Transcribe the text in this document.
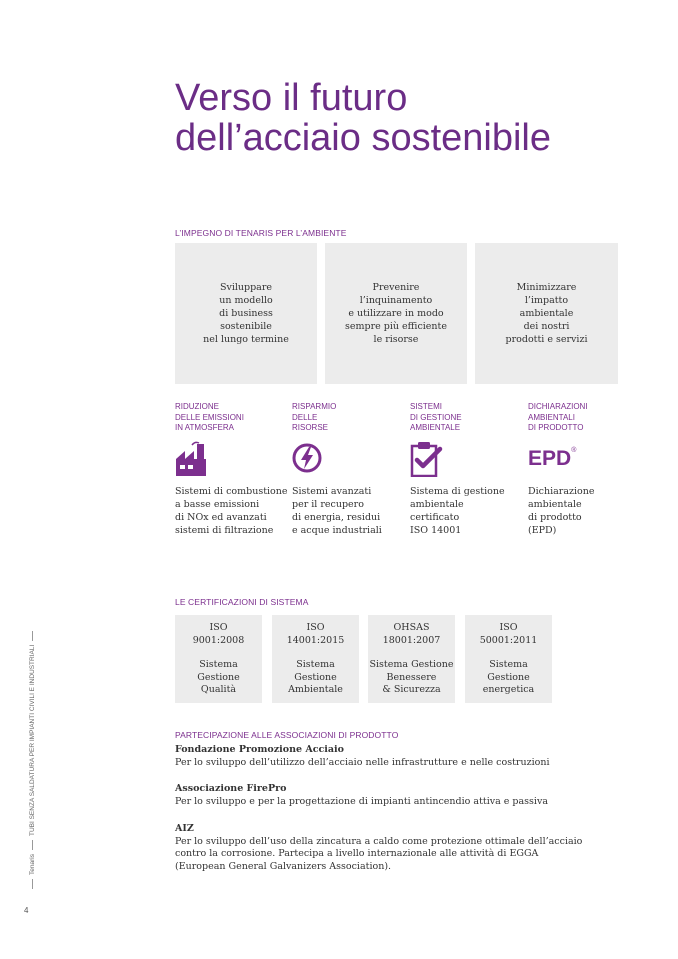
Verso il futuro
dell’acciaio sostenibile
L’IMPEGNO DI TENARIS PER L’AMBIENTE
Sviluppare
un modello
di business
sostenibile
nel lungo termine
Prevenire
l’inquinamento
e utilizzare in modo
sempre più efficiente
le risorse
Minimizzare
l’impatto
ambientale
dei nostri
prodotti e servizi
RIDUZIONE
DELLE EMISSIONI
IN ATMOSFERA
RISPARMIO
DELLE
RISORSE
SISTEMI
DI GESTIONE
AMBIENTALE
DICHIARAZIONI
AMBIENTALI
DI PRODOTTO
EPD®
Sistemi di combustione
a basse emissioni
di NOx ed avanzati
sistemi di filtrazione
Sistemi avanzati
per il recupero
di energia, residui
e acque industriali
Sistema di gestione
ambientale
certificato
ISO 14001
Dichiarazione
ambientale
di prodotto
(EPD)
LE CERTIFICAZIONI DI SISTEMA
ISO
9001:2008
Sistema
Gestione
Qualità
ISO
14001:2015
Sistema
Gestione
Ambientale
OHSAS
18001:2007
Sistema Gestione
Benessere
& Sicurezza
ISO
50001:2011
Sistema
Gestione
energetica
PARTECIPAZIONE ALLE ASSOCIAZIONI DI PRODOTTO
Fondazione Promozione Acciaio
Per lo sviluppo dell’utilizzo dell’acciaio nelle infrastrutture e nelle costruzioni
Associazione FirePro
Per lo sviluppo e per la progettazione di impianti antincendio attiva e passiva
AIZ
Per lo sviluppo dell’uso della zincatura a caldo come protezione ottimale dell’acciaio
contro la corrosione. Partecipa a livello internazionale alle attività di EGGA
(European General Galvanizers Association).
TenarisTUBI SENZA SALDATURA PER IMPIANTI CIVILI E INDUSTRIALI
4
